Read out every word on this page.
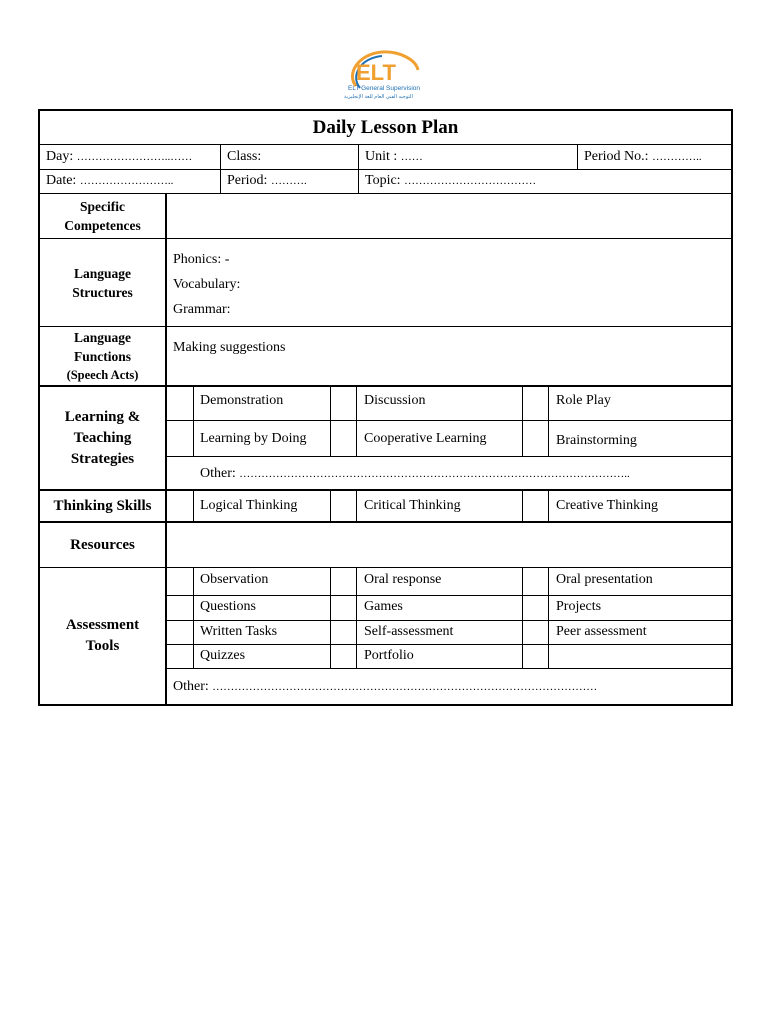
ELT
ELT General Supervision
التوجيه الفني العام للغة الإنجليزية
Daily Lesson Plan
Day: ……………………..…… Class:	Unit : ……	Period No.: …………..
Date: ……………………..	Period: ……….	Topic: ………………………………
Specific
Competences
Language
Structures
Phonics: -
Vocabulary:
Grammar:
Language
Functions
(Speech Acts)
Making suggestions
Learning &
Teaching
Strategies
Demonstration	Discussion	Role Play
Learning by Doing	Cooperative Learning	Brainstorming
Other: ……………………………………………………………………………………………..
Thinking Skills	Logical Thinking	Critical Thinking	Creative Thinking
Resources
Assessment
Tools
Observation	Oral response	Oral presentation
Questions	Games	Projects
Written Tasks	Self-assessment	Peer assessment
Quizzes	Portfolio
Other: ……………………………………………………………………………………………
